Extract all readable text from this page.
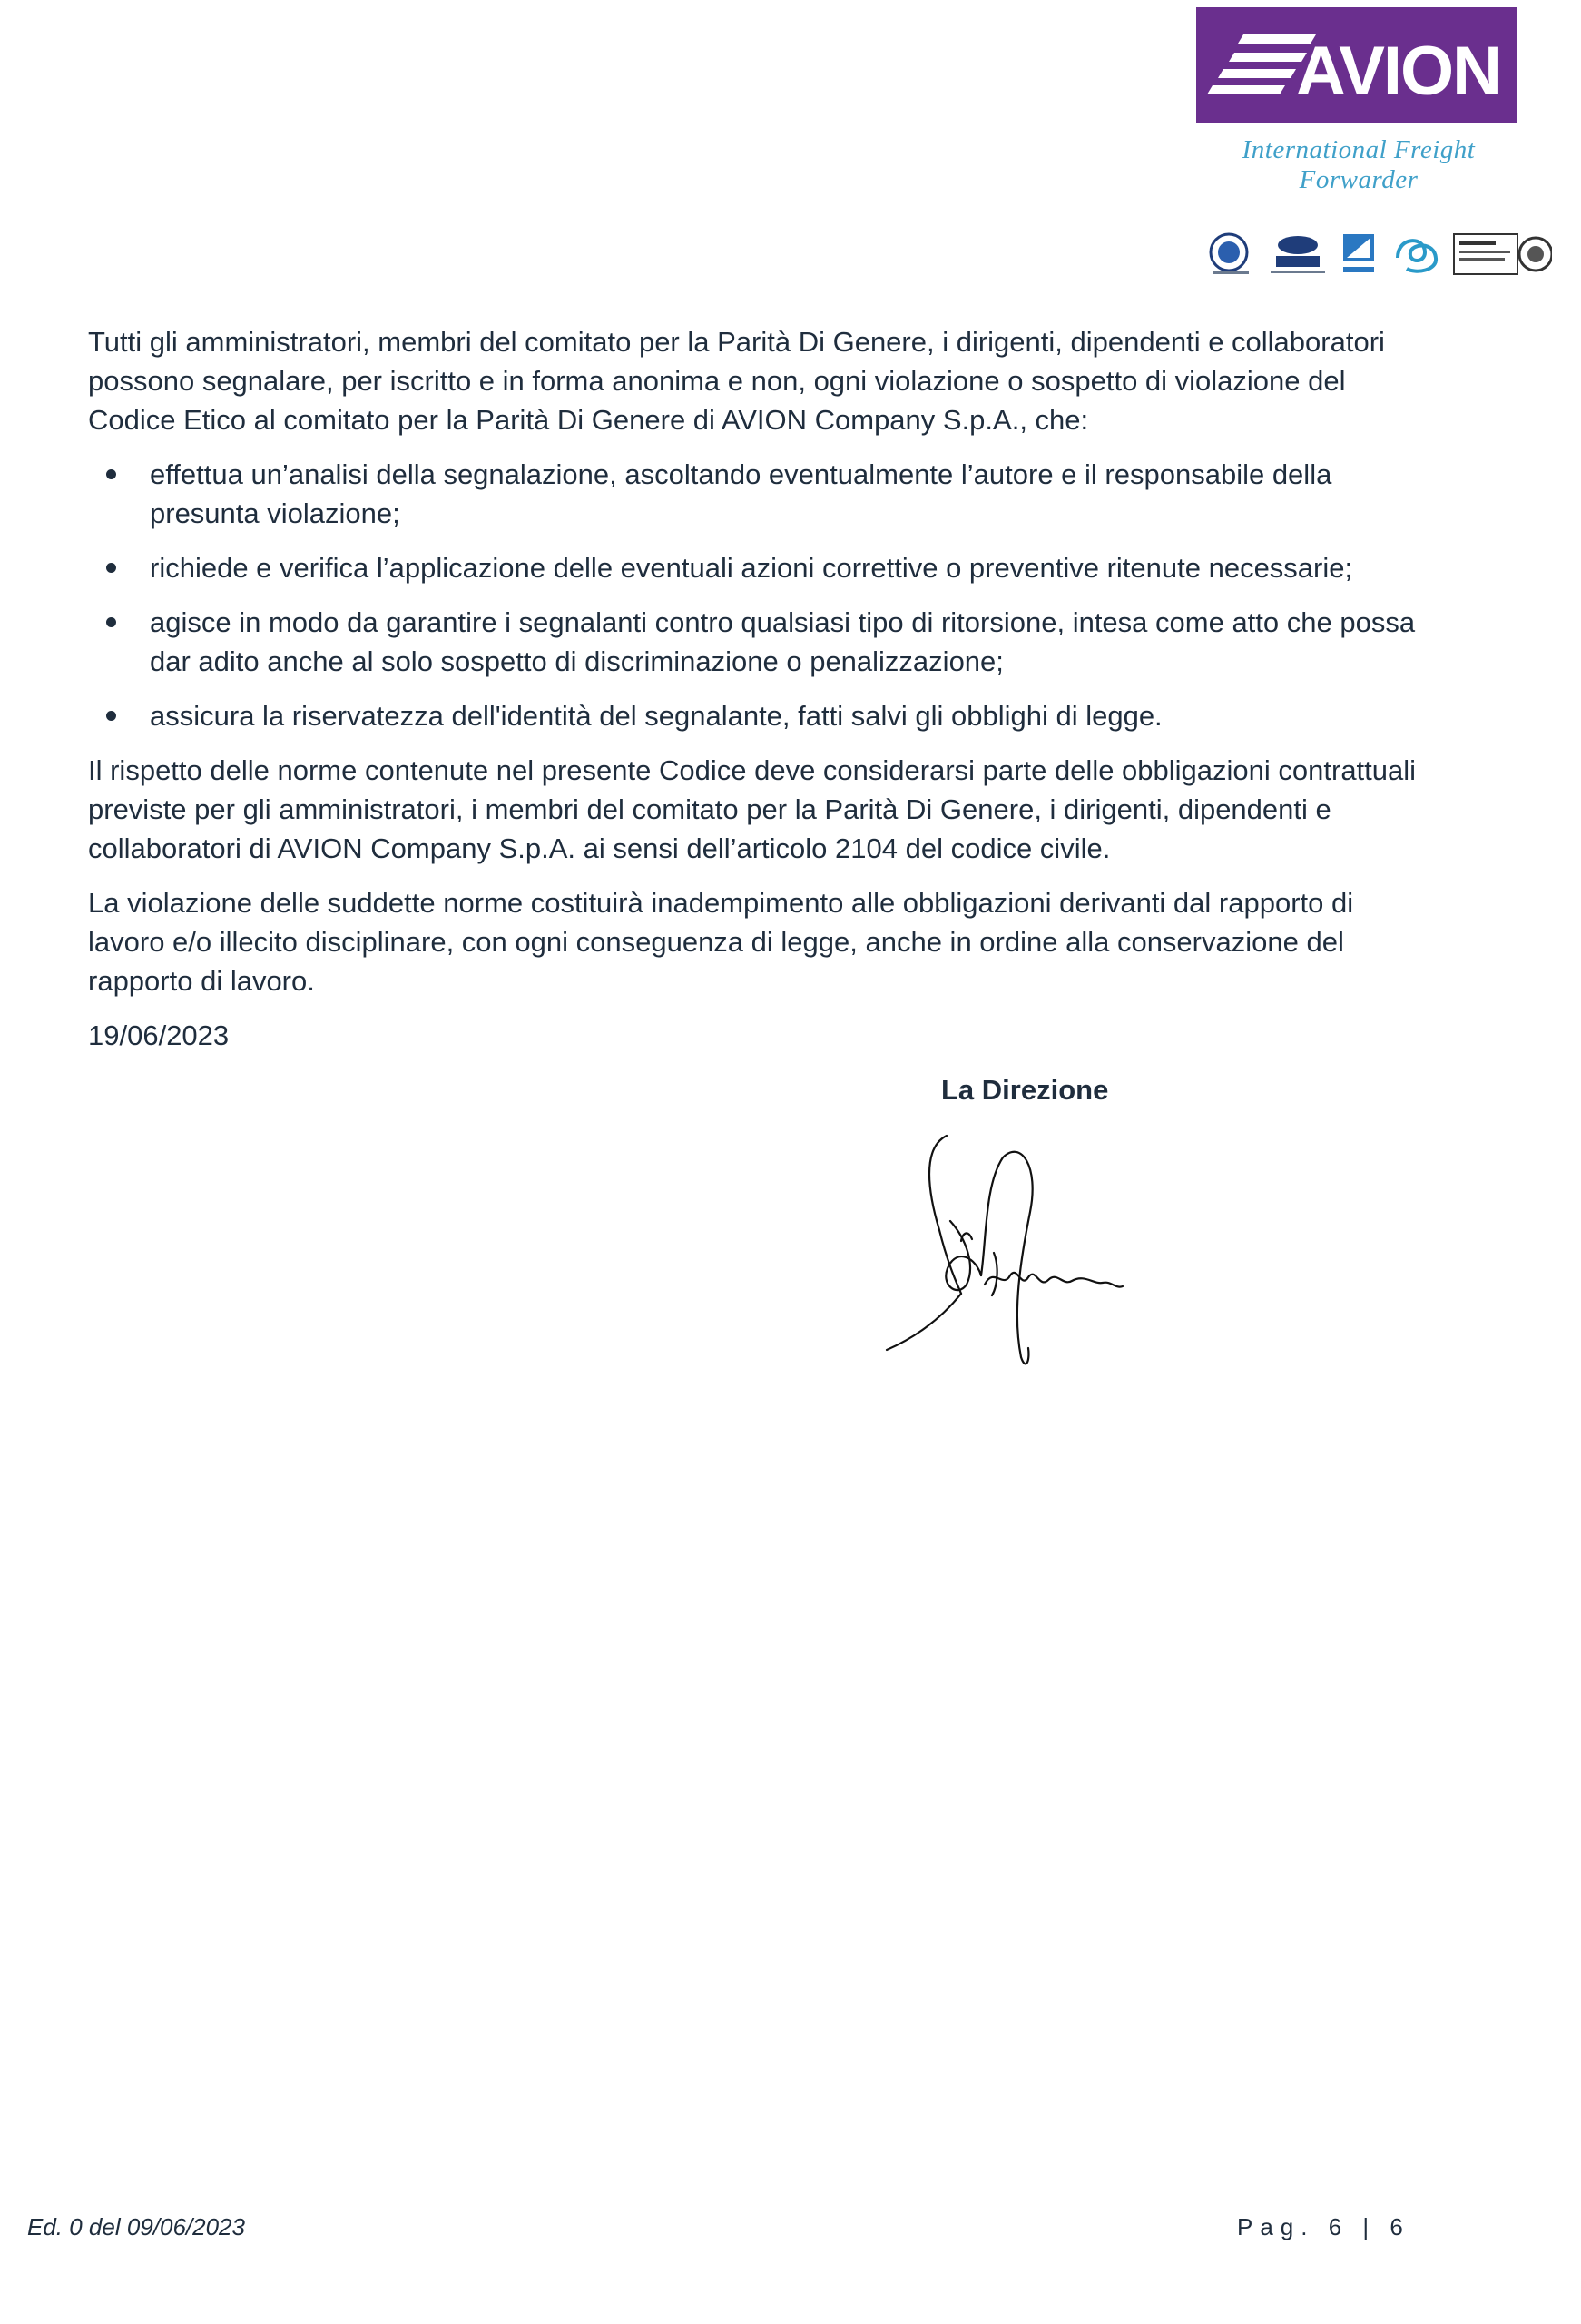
AVION
International Freight Forwarder

Tutti gli amministratori, membri del comitato per la Parità Di Genere, i dirigenti, dipendenti e collaboratori possono segnalare, per iscritto e in forma anonima e non, ogni violazione o sospetto di violazione del Codice Etico al comitato per la Parità Di Genere di AVION Company S.p.A., che:

effettua un’analisi della segnalazione, ascoltando eventualmente l’autore e il responsabile della presunta violazione;
richiede e verifica l’applicazione delle eventuali azioni correttive o preventive ritenute necessarie;
agisce in modo da garantire i segnalanti contro qualsiasi tipo di ritorsione, intesa come atto che possa dar adito anche al solo sospetto di discriminazione o penalizzazione;
assicura la riservatezza dell'identità del segnalante, fatti salvi gli obblighi di legge.

Il rispetto delle norme contenute nel presente Codice deve considerarsi parte delle obbligazioni contrattuali previste per gli amministratori, i membri del comitato per la Parità Di Genere, i dirigenti, dipendenti e collaboratori di AVION Company S.p.A. ai sensi dell’articolo 2104 del codice civile.

La violazione delle suddette norme costituirà inadempimento alle obbligazioni derivanti dal rapporto di lavoro e/o illecito disciplinare, con ogni conseguenza di legge, anche in ordine alla conservazione del rapporto di lavoro.

19/06/2023

La Direzione

Ed. 0 del 09/06/2023	Pag. 6 | 6
